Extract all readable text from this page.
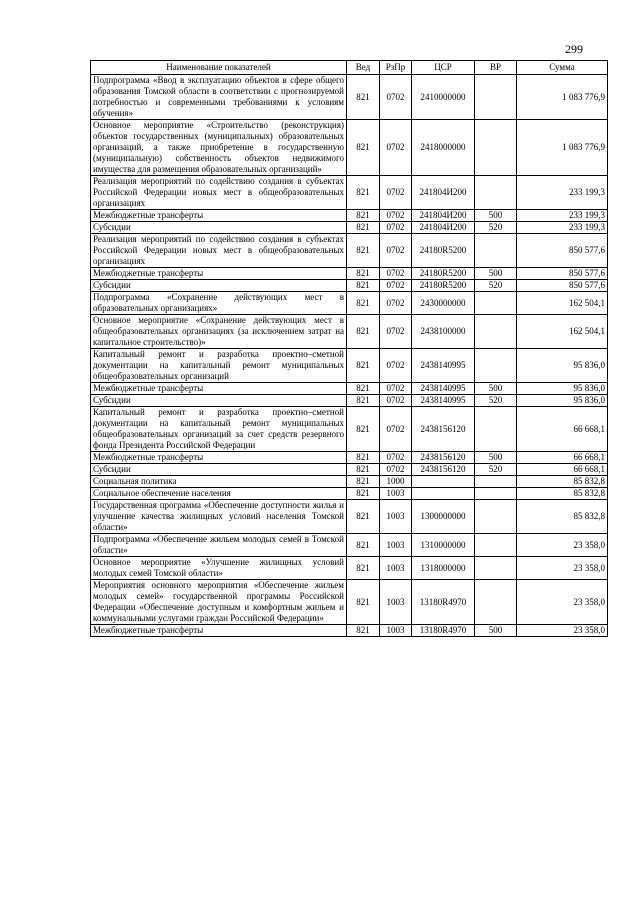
299
Наименование показателей	Вед	РзПр	ЦСР	ВР	Сумма
Подпрограмма «Ввод в эксплуатацию объектов в сфере общего образования Томской области в соответствии с прогнозируемой потребностью и современными требованиями к условиям обучения»	821	0702	2410000000		1 083 776,9
Основное мероприятие «Строительство (реконструкция) объектов государственных (муниципальных) образовательных организаций, а также приобретение в государственную (муниципальную) собственность объектов недвижимого имущества для размещения образовательных организаций»	821	0702	2418000000		1 083 776,9
Реализация мероприятий по содействию создания в субъектах Российской Федерации новых мест в общеобразовательных организациях	821	0702	241804И200		233 199,3
Межбюджетные трансферты	821	0702	241804И200	500	233 199,3
Субсидии	821	0702	241804И200	520	233 199,3
Реализация мероприятий по содействию создания в субъектах Российской Федерации новых мест в общеобразовательных организациях	821	0702	24180R5200		850 577,6
Межбюджетные трансферты	821	0702	24180R5200	500	850 577,6
Субсидии	821	0702	24180R5200	520	850 577,6
Подпрограмма «Сохранение действующих мест в образовательных организациях»	821	0702	2430000000		162 504,1
Основное мероприятие «Сохранение действующих мест в общеобразовательных организациях (за исключением затрат на капитальное строительство)»	821	0702	2438100000		162 504,1
Капитальный ремонт и разработка проектно–сметной документации на капитальный ремонт муниципальных общеобразовательных организаций	821	0702	2438140995		95 836,0
Межбюджетные трансферты	821	0702	2438140995	500	95 836,0
Субсидии	821	0702	2438140995	520	95 836,0
Капитальный ремонт и разработка проектно–сметной документации на капитальный ремонт муниципальных общеобразовательных организаций за счет средств резервного фонда Президента Российской Федерации	821	0702	2438156120		66 668,1
Межбюджетные трансферты	821	0702	2438156120	500	66 668,1
Субсидии	821	0702	2438156120	520	66 668,1
Социальная политика	821	1000			85 832,8
Социальное обеспечение населения	821	1003			85 832,8
Государственная программа «Обеспечение доступности жилья и улучшение качества жилищных условий населения Томской области»	821	1003	1300000000		85 832,8
Подпрограмма «Обеспечение жильем молодых семей в Томской области»	821	1003	1310000000		23 358,0
Основное мероприятие «Улучшение жилищных условий молодых семей Томской области»	821	1003	1318000000		23 358,0
Мероприятия основного мероприятия «Обеспечение жильем молодых семей» государственной программы Российской Федерации «Обеспечение доступным и комфортным жильем и коммунальными услугами граждан Российской Федерации»	821	1003	13180R4970		23 358,0
Межбюджетные трансферты	821	1003	13180R4970	500	23 358,0
